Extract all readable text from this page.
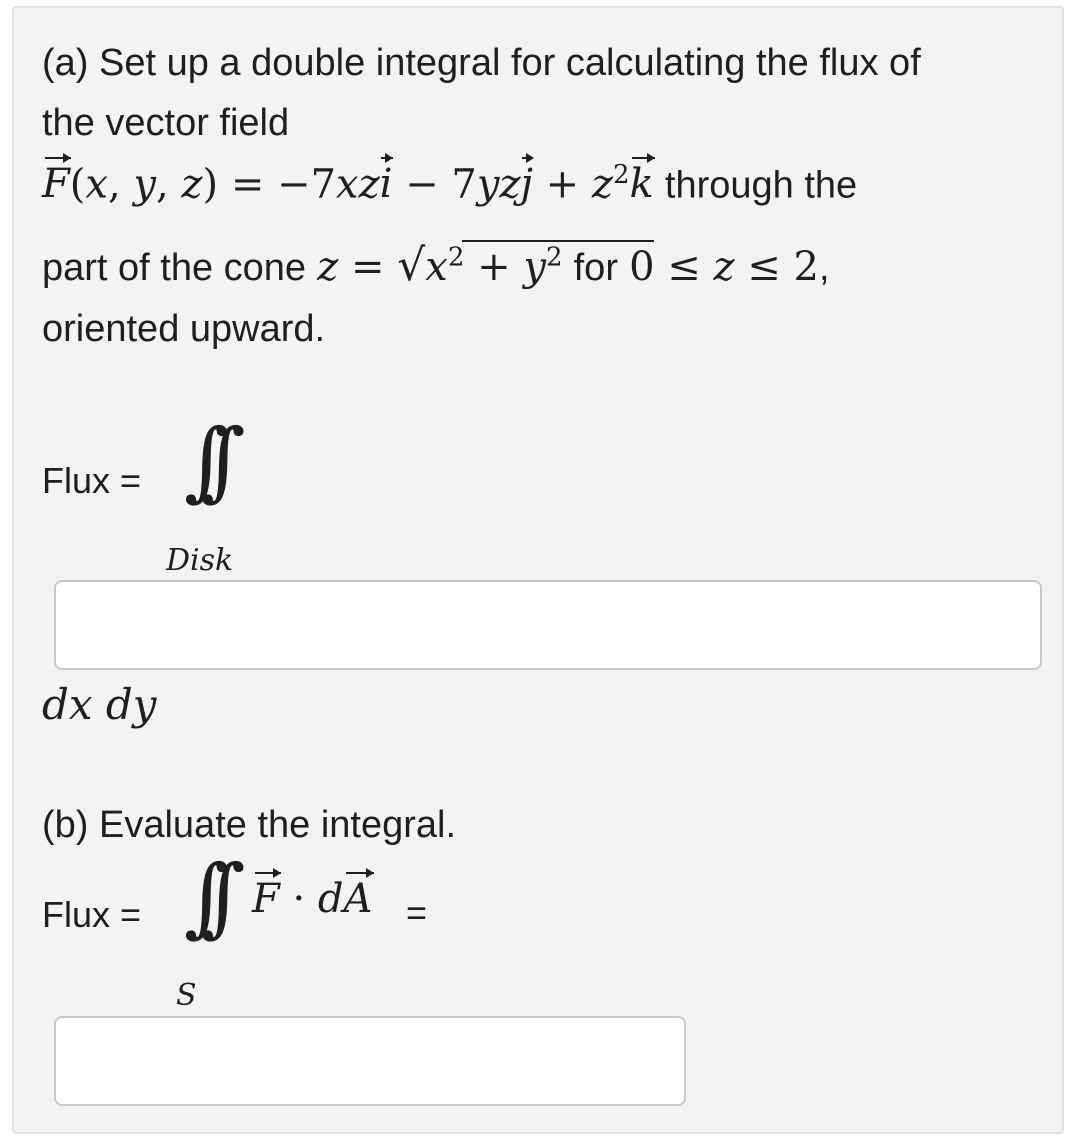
(a) Set up a double integral for calculating the flux of
the vector field
F(x, y, $z) = -7xzi - 7yzj + z^2k$ through the
part of the cone $z = √x^2 + y^2$ for 0 ≤ z ≤ 2,
oriented upward.
Flux = ∫∫
Disk
dx dy
(b) Evaluate the integral.
Flux = ∫∫ F · dA =
S
